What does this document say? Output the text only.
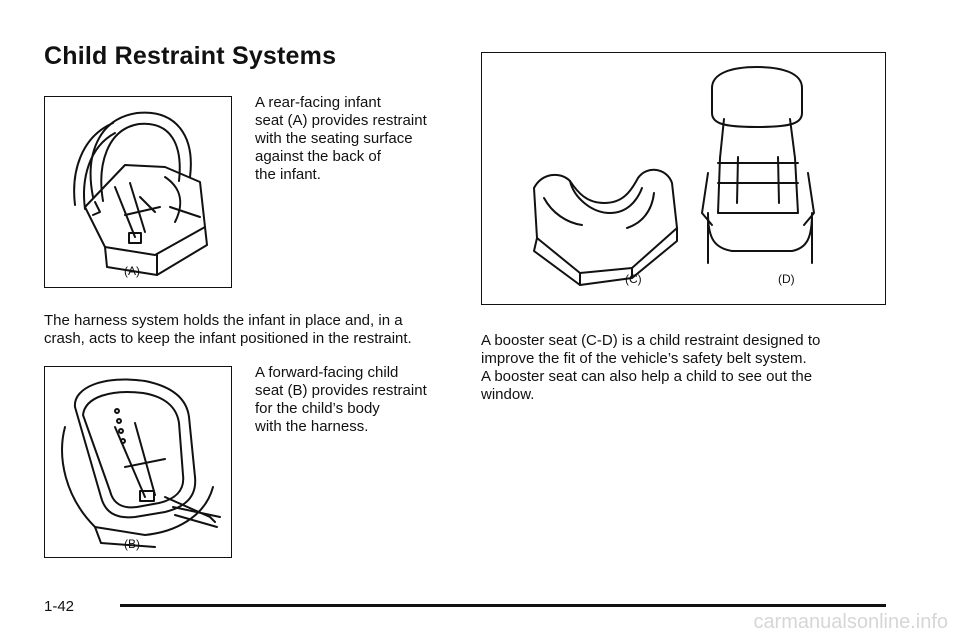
Child Restraint Systems
(A)

A rear-facing infant
seat (A) provides restraint
with the seating surface
against the back of
the infant.

The harness system holds the infant in place and, in a
crash, acts to keep the infant positioned in the restraint.

(B)

A forward-facing child
seat (B) provides restraint
for the child’s body
with the harness.

(C)	(D)

A booster seat (C-D) is a child restraint designed to
improve the fit of the vehicle’s safety belt system.
A booster seat can also help a child to see out the
window.

1-42
carmanualsonline.info
